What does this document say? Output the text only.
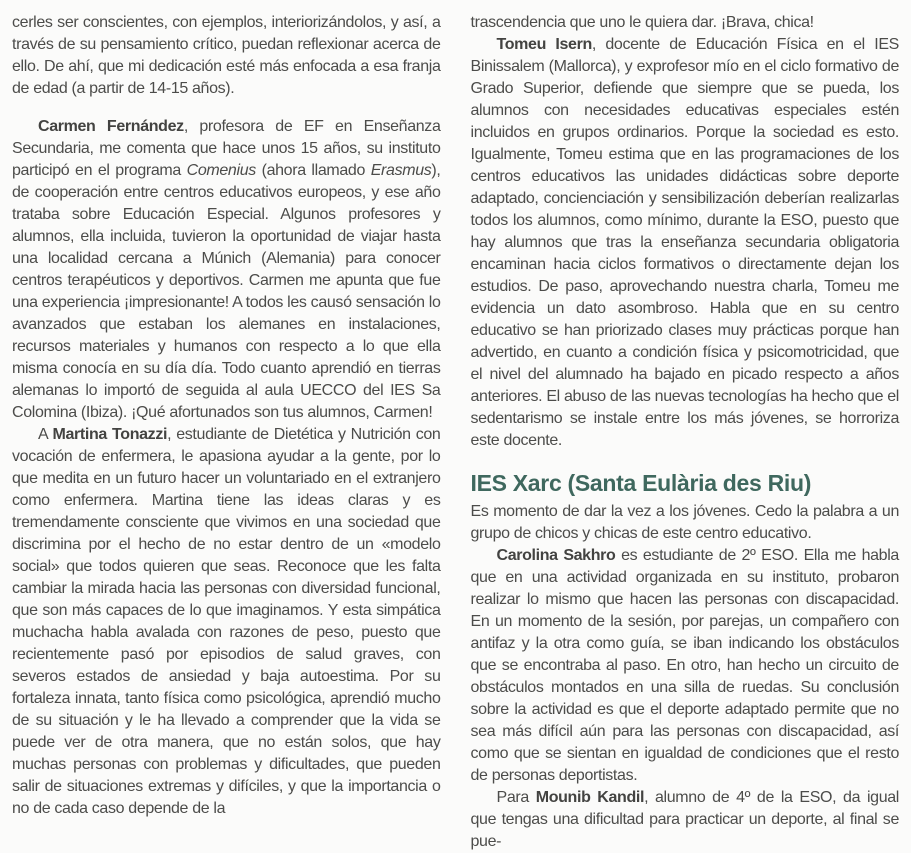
cerles ser conscientes, con ejemplos, interiorizándolos, y así, a través de su pensamiento crítico, puedan reflexionar acerca de ello. De ahí, que mi dedicación esté más enfocada a esa franja de edad (a partir de 14-15 años).

Carmen Fernández, profesora de EF en Enseñanza Secundaria, me comenta que hace unos 15 años, su instituto participó en el programa Comenius (ahora llamado Erasmus), de cooperación entre centros educativos europeos, y ese año trataba sobre Educación Especial. Algunos profesores y alumnos, ella incluida, tuvieron la oportunidad de viajar hasta una localidad cercana a Múnich (Alemania) para conocer centros terapéuticos y deportivos. Carmen me apunta que fue una experiencia ¡impresionante! A todos les causó sensación lo avanzados que estaban los alemanes en instalaciones, recursos materiales y humanos con respecto a lo que ella misma conocía en su día día. Todo cuanto aprendió en tierras alemanas lo importó de seguida al aula UECCO del IES Sa Colomina (Ibiza). ¡Qué afortunados son tus alumnos, Carmen!

A Martina Tonazzi, estudiante de Dietética y Nutrición con vocación de enfermera, le apasiona ayudar a la gente, por lo que medita en un futuro hacer un voluntariado en el extranjero como enfermera. Martina tiene las ideas claras y es tremendamente consciente que vivimos en una sociedad que discrimina por el hecho de no estar dentro de un «modelo social» que todos quieren que seas. Reconoce que les falta cambiar la mirada hacia las personas con diversidad funcional, que son más capaces de lo que imaginamos. Y esta simpática muchacha habla avalada con razones de peso, puesto que recientemente pasó por episodios de salud graves, con severos estados de ansiedad y baja autoestima. Por su fortaleza innata, tanto física como psicológica, aprendió mucho de su situación y le ha llevado a comprender que la vida se puede ver de otra manera, que no están solos, que hay muchas personas con problemas y dificultades, que pueden salir de situaciones extremas y difíciles, y que la importancia o no de cada caso depende de la

trascendencia que uno le quiera dar. ¡Brava, chica!

Tomeu Isern, docente de Educación Física en el IES Binissalem (Mallorca), y exprofesor mío en el ciclo formativo de Grado Superior, defiende que siempre que se pueda, los alumnos con necesidades educativas especiales estén incluidos en grupos ordinarios. Porque la sociedad es esto. Igualmente, Tomeu estima que en las programaciones de los centros educativos las unidades didácticas sobre deporte adaptado, concienciación y sensibilización deberían realizarlas todos los alumnos, como mínimo, durante la ESO, puesto que hay alumnos que tras la enseñanza secundaria obligatoria encaminan hacia ciclos formativos o directamente dejan los estudios. De paso, aprovechando nuestra charla, Tomeu me evidencia un dato asombroso. Habla que en su centro educativo se han priorizado clases muy prácticas porque han advertido, en cuanto a condición física y psicomotricidad, que el nivel del alumnado ha bajado en picado respecto a años anteriores. El abuso de las nuevas tecnologías ha hecho que el sedentarismo se instale entre los más jóvenes, se horroriza este docente.

IES Xarc (Santa Eulària des Riu)

Es momento de dar la vez a los jóvenes. Cedo la palabra a un grupo de chicos y chicas de este centro educativo.

Carolina Sakhro es estudiante de 2º ESO. Ella me habla que en una actividad organizada en su instituto, probaron realizar lo mismo que hacen las personas con discapacidad. En un momento de la sesión, por parejas, un compañero con antifaz y la otra como guía, se iban indicando los obstáculos que se encontraba al paso. En otro, han hecho un circuito de obstáculos montados en una silla de ruedas. Su conclusión sobre la actividad es que el deporte adaptado permite que no sea más difícil aún para las personas con discapacidad, así como que se sientan en igualdad de condiciones que el resto de personas deportistas.

Para Mounib Kandil, alumno de 4º de la ESO, da igual que tengas una dificultad para practicar un deporte, al final se pue-
